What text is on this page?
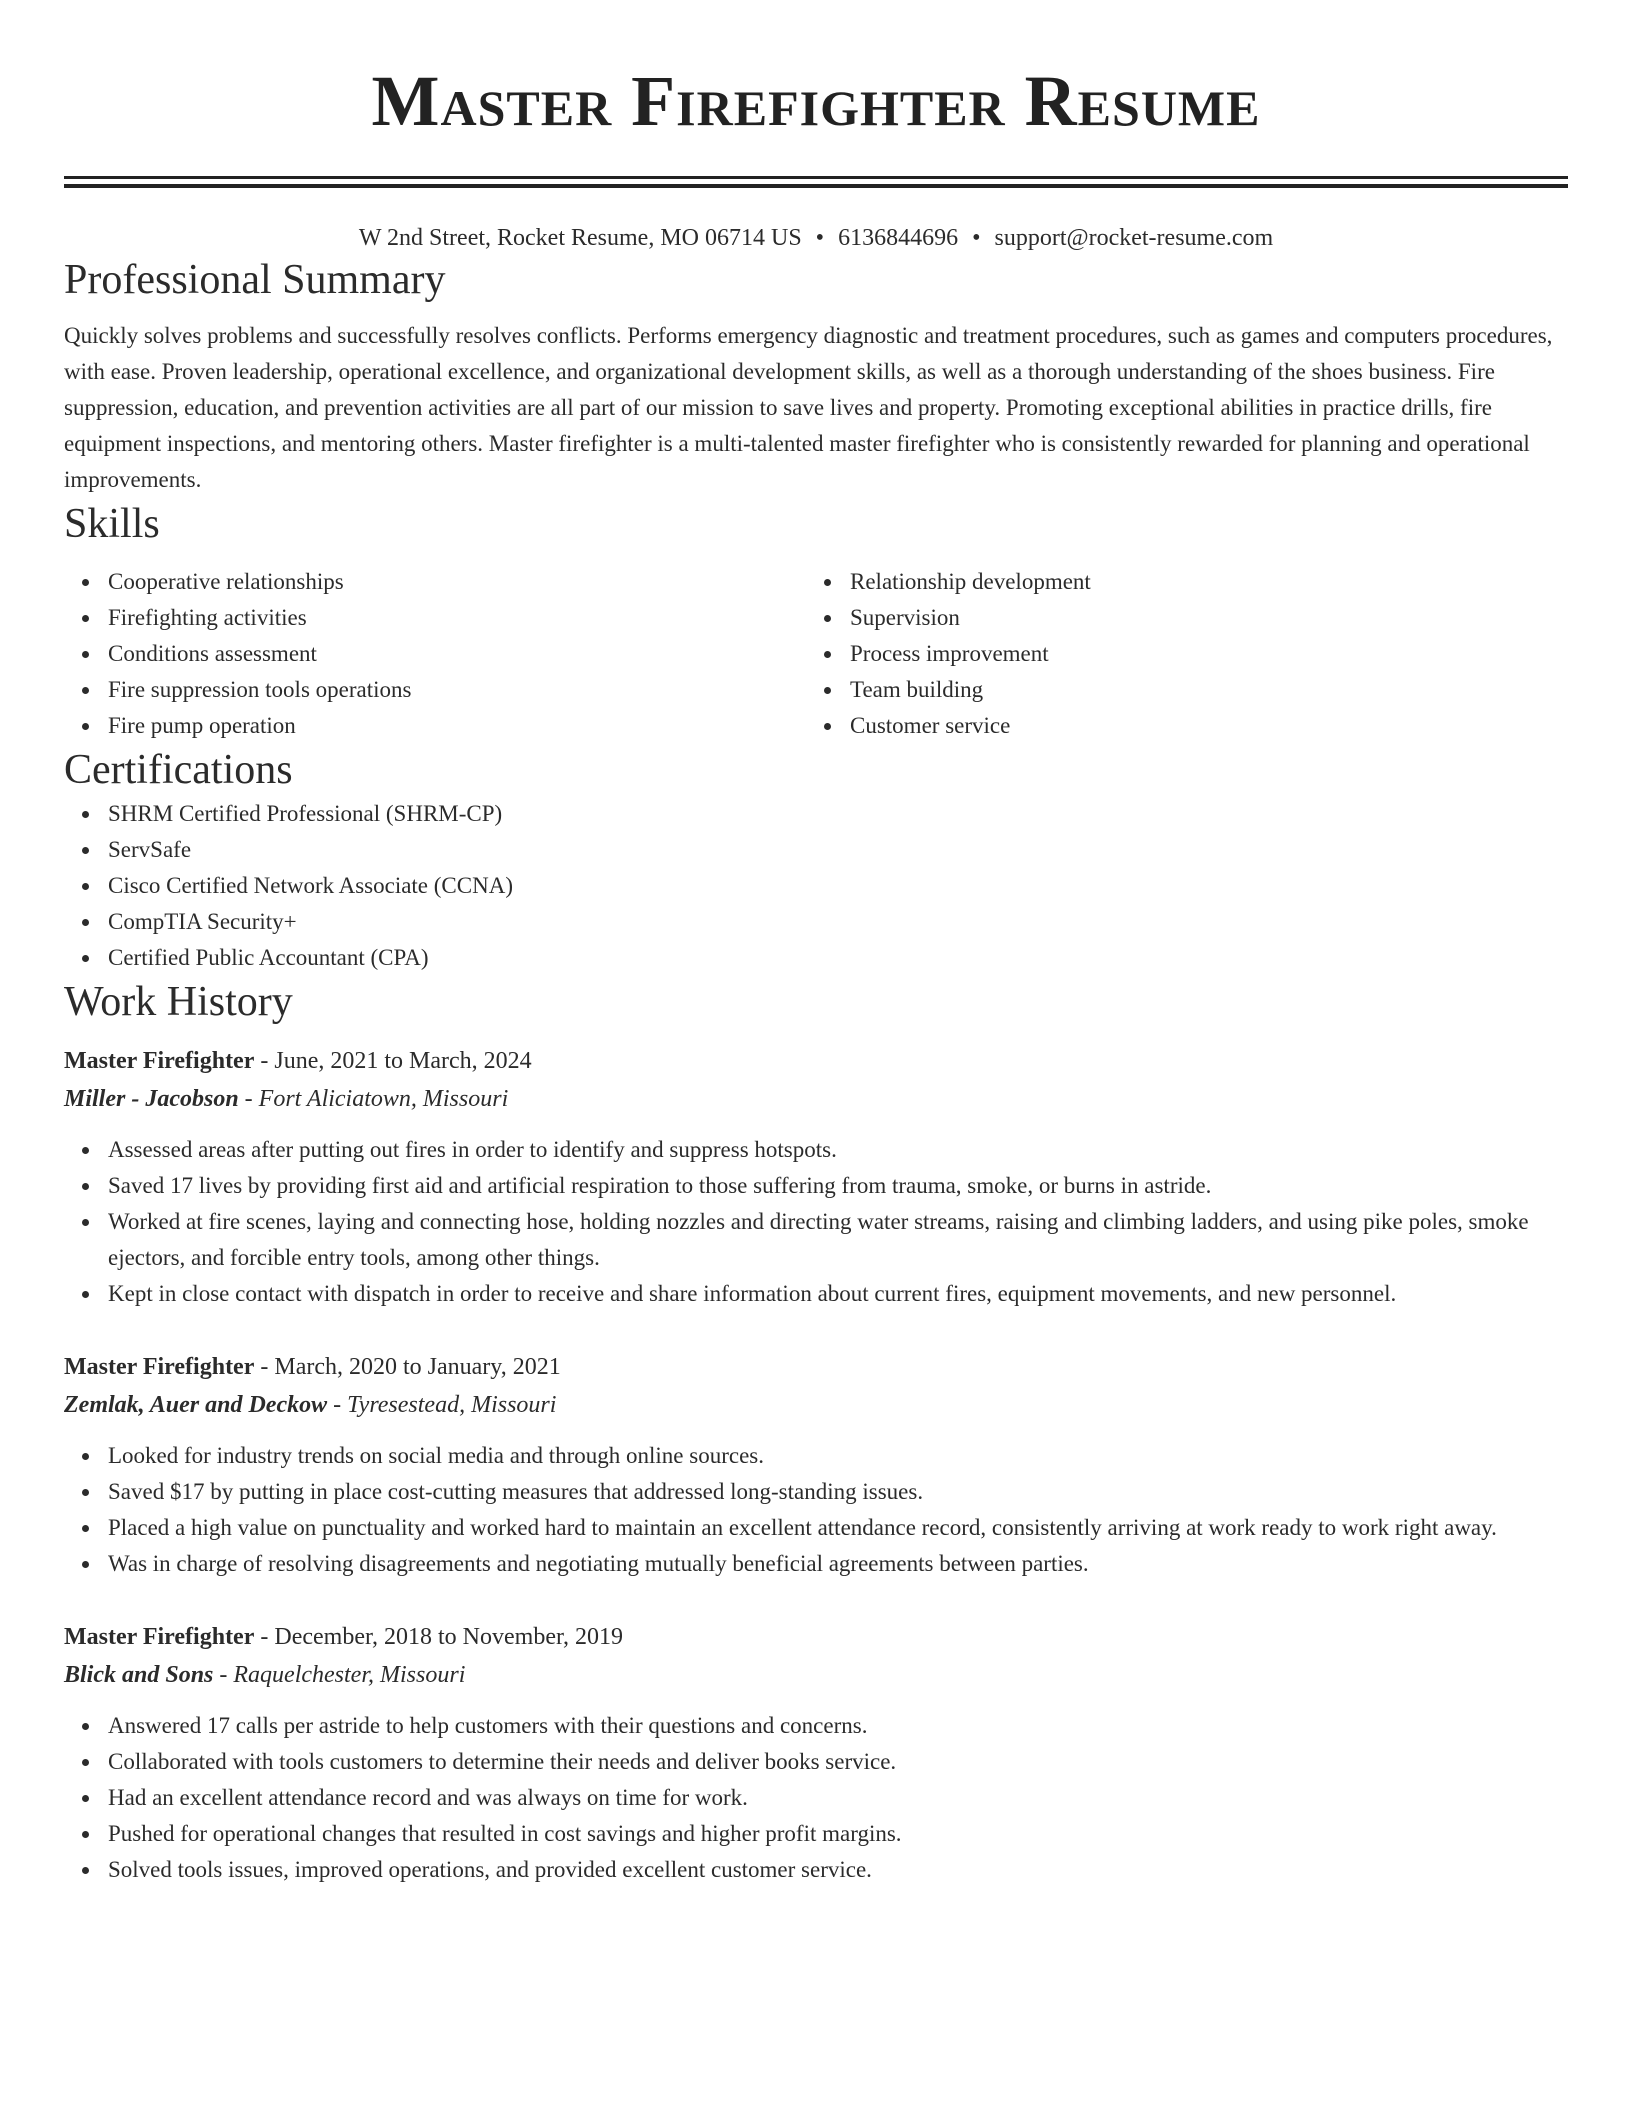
Master Firefighter Resume
W 2nd Street, Rocket Resume, MO 06714 US • 6136844696 • support@rocket-resume.com
Professional Summary

Quickly solves problems and successfully resolves conflicts. Performs emergency diagnostic and treatment procedures, such as games and computers procedures, with ease. Proven leadership, operational excellence, and organizational development skills, as well as a thorough understanding of the shoes business. Fire suppression, education, and prevention activities are all part of our mission to save lives and property. Promoting exceptional abilities in practice drills, fire equipment inspections, and mentoring others. Master firefighter is a multi-talented master firefighter who is consistently rewarded for planning and operational improvements.

Skills
Cooperative relationships
Firefighting activities
Conditions assessment
Fire suppression tools operations
Fire pump operation
Relationship development
Supervision
Process improvement
Team building
Customer service
Certifications
SHRM Certified Professional (SHRM-CP)
ServSafe
Cisco Certified Network Associate (CCNA)
CompTIA Security+
Certified Public Accountant (CPA)
Work History
Master Firefighter - June, 2021 to March, 2024
Miller - Jacobson - Fort Aliciatown, Missouri
Assessed areas after putting out fires in order to identify and suppress hotspots.
Saved 17 lives by providing first aid and artificial respiration to those suffering from trauma, smoke, or burns in astride.
Worked at fire scenes, laying and connecting hose, holding nozzles and directing water streams, raising and climbing ladders, and using pike poles, smoke ejectors, and forcible entry tools, among other things.
Kept in close contact with dispatch in order to receive and share information about current fires, equipment movements, and new personnel.
Master Firefighter - March, 2020 to January, 2021
Zemlak, Auer and Deckow - Tyresestead, Missouri
Looked for industry trends on social media and through online sources.
Saved $17 by putting in place cost-cutting measures that addressed long-standing issues.
Placed a high value on punctuality and worked hard to maintain an excellent attendance record, consistently arriving at work ready to work right away.
Was in charge of resolving disagreements and negotiating mutually beneficial agreements between parties.
Master Firefighter - December, 2018 to November, 2019
Blick and Sons - Raquelchester, Missouri
Answered 17 calls per astride to help customers with their questions and concerns.
Collaborated with tools customers to determine their needs and deliver books service.
Had an excellent attendance record and was always on time for work.
Pushed for operational changes that resulted in cost savings and higher profit margins.
Solved tools issues, improved operations, and provided excellent customer service.
